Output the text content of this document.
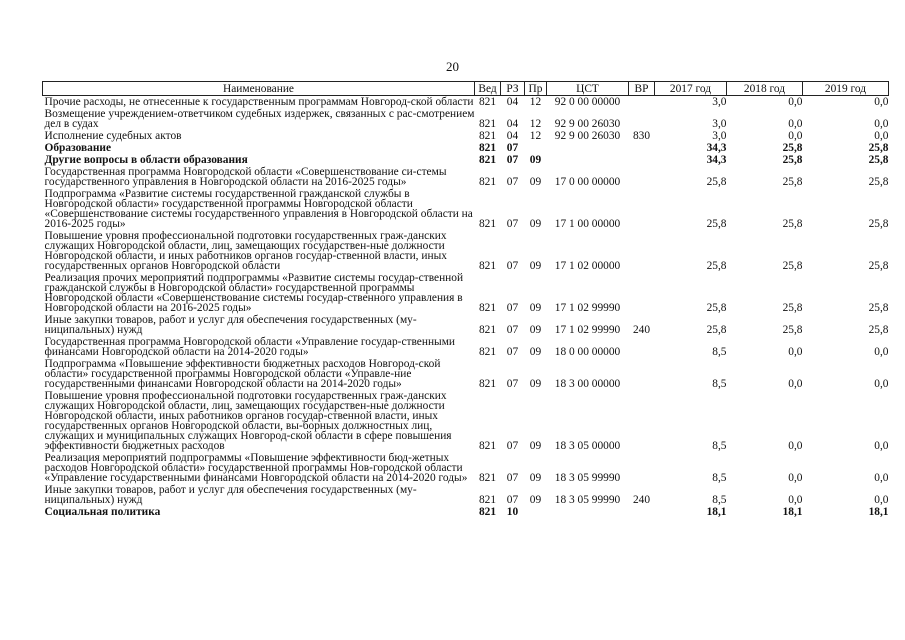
20
Наименование	Вед	РЗ	Пр	ЦСТ	ВР	2017 год	2018 год	2019 год
Прочие расходы, не отнесенные к государственным программам Новгород-ской области	821	04	12	92 0 00 00000		3,0	0,0	0,0
Возмещение учреждением-ответчиком судебных издержек, связанных с рас-смотрением дел в судах	821	04	12	92 9 00 26030		3,0	0,0	0,0
Исполнение судебных актов	821	04	12	92 9 00 26030	830	3,0	0,0	0,0
Образование	821	07				34,3	25,8	25,8
Другие вопросы в области образования	821	07	09			34,3	25,8	25,8
Государственная программа Новгородской области «Совершенствование си-стемы государственного управления в Новгородской области на 2016-2025 годы»	821	07	09	17 0 00 00000		25,8	25,8	25,8
Подпрограмма «Развитие системы государственной гражданской службы в Новгородской области» государственной программы Новгородской области «Совершенствование системы государственного управления в Новгородской области на 2016-2025 годы»	821	07	09	17 1 00 00000		25,8	25,8	25,8
Повышение уровня профессиональной подготовки государственных граж-данских служащих Новгородской области, лиц, замещающих государствен-ные должности Новгородской области, и иных работников органов государ-ственной власти, иных государственных органов Новгородской области	821	07	09	17 1 02 00000		25,8	25,8	25,8
Реализация прочих мероприятий подпрограммы «Развитие системы государ-ственной гражданской службы в Новгородской области» государственной программы Новгородской области «Совершенствование системы государ-ственного управления в Новгородской области на 2016-2025 годы»	821	07	09	17 1 02 99990		25,8	25,8	25,8
Иные закупки товаров, работ и услуг для обеспечения государственных (му-ниципальных) нужд	821	07	09	17 1 02 99990	240	25,8	25,8	25,8
Государственная программа Новгородской области «Управление государ-ственными финансами Новгородской области на 2014-2020 годы»	821	07	09	18 0 00 00000		8,5	0,0	0,0
Подпрограмма «Повышение эффективности бюджетных расходов Новгород-ской области» государственной программы Новгородской области «Управле-ние государственными финансами Новгородской области на 2014-2020 годы»	821	07	09	18 3 00 00000		8,5	0,0	0,0
Повышение уровня профессиональной подготовки государственных граж-данских служащих Новгородской области, лиц, замещающих государствен-ные должности Новгородской области, иных работников органов государ-ственной власти, иных государственных органов Новгородской области, вы-борных должностных лиц, служащих и муниципальных служащих Новгород-ской области в сфере повышения эффективности бюджетных расходов	821	07	09	18 3 05 00000		8,5	0,0	0,0
Реализация мероприятий подпрограммы «Повышение эффективности бюд-жетных расходов Новгородской области» государственной программы Нов-городской области «Управление государственными финансами Новгородской области на 2014-2020 годы»	821	07	09	18 3 05 99990		8,5	0,0	0,0
Иные закупки товаров, работ и услуг для обеспечения государственных (му-ниципальных) нужд	821	07	09	18 3 05 99990	240	8,5	0,0	0,0
Социальная политика	821	10				18,1	18,1	18,1
